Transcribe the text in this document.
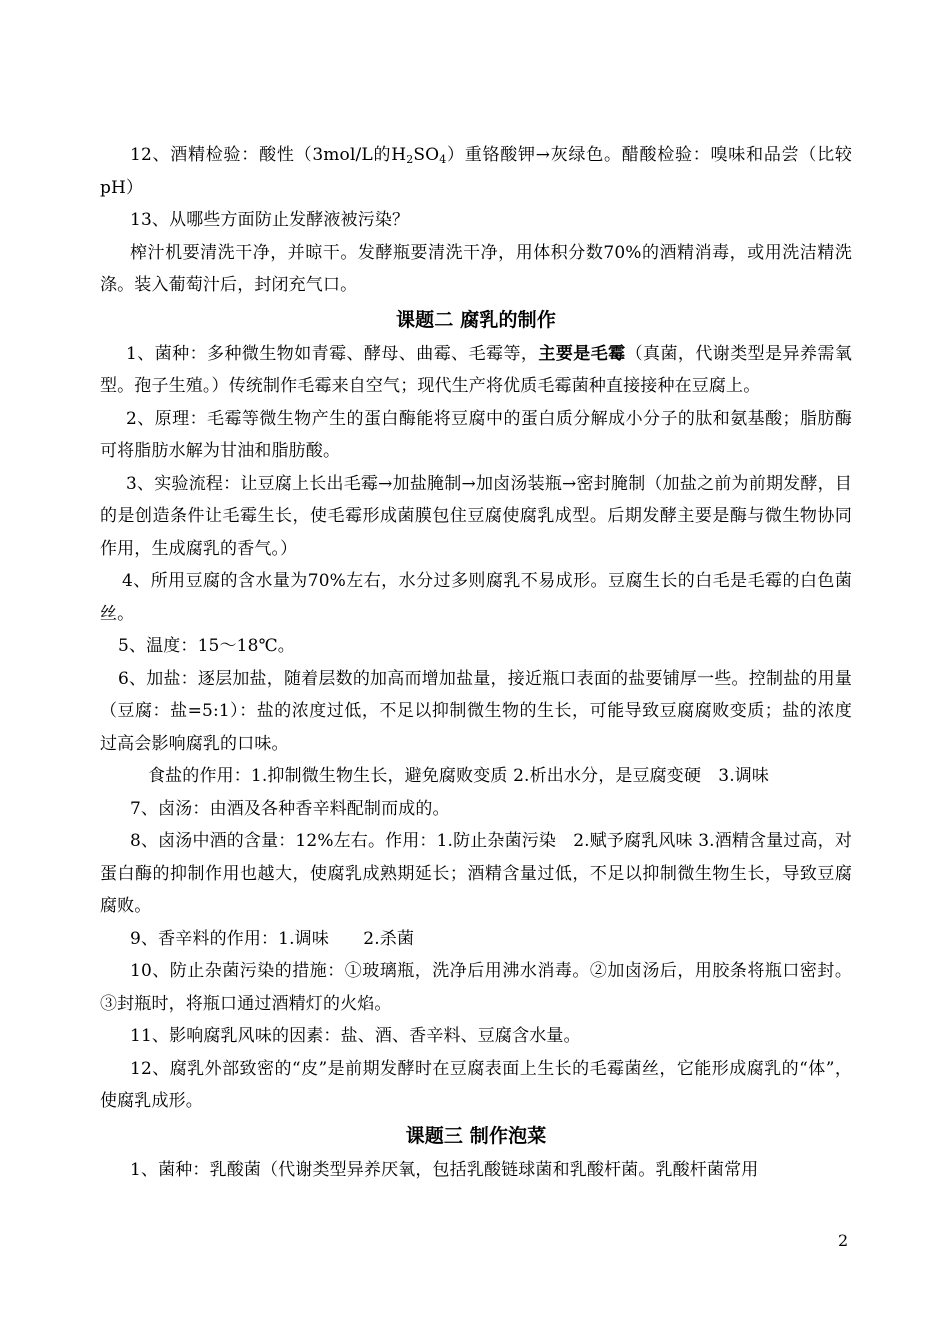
12、酒精检验：酸性（3mol/L的$H_2SO_4$）重铬酸钾→灰绿色。醋酸检验：嗅味和品尝（比较pH）

13、从哪些方面防止发酵液被污染？

榨汁机要清洗干净，并晾干。发酵瓶要清洗干净，用体积分数70%的酒精消毒，或用洗洁精洗涤。装入葡萄汁后，封闭充气口。

课题二 腐乳的制作

1、菌种：多种微生物如青霉、酵母、曲霉、毛霉等，主要是毛霉（真菌，代谢类型是异养需氧型。孢子生殖。）传统制作毛霉来自空气；现代生产将优质毛霉菌种直接接种在豆腐上。

2、原理：毛霉等微生物产生的蛋白酶能将豆腐中的蛋白质分解成小分子的肽和氨基酸；脂肪酶可将脂肪水解为甘油和脂肪酸。

3、实验流程：让豆腐上长出毛霉→加盐腌制→加卤汤装瓶→密封腌制（加盐之前为前期发酵，目的是创造条件让毛霉生长，使毛霉形成菌膜包住豆腐使腐乳成型。后期发酵主要是酶与微生物协同作用，生成腐乳的香气。）

4、所用豆腐的含水量为70%左右，水分过多则腐乳不易成形。豆腐生长的白毛是毛霉的白色菌丝。

5、温度：15～18℃。

6、加盐：逐层加盐，随着层数的加高而增加盐量，接近瓶口表面的盐要铺厚一些。控制盐的用量（豆腐：盐=5:1）：盐的浓度过低，不足以抑制微生物的生长，可能导致豆腐腐败变质；盐的浓度过高会影响腐乳的口味。

食盐的作用：1.抑制微生物生长，避免腐败变质 2.析出水分，是豆腐变硬　3.调味

7、卤汤：由酒及各种香辛料配制而成的。

8、卤汤中酒的含量：12%左右。作用：1.防止杂菌污染　2.赋予腐乳风味 3.酒精含量过高，对蛋白酶的抑制作用也越大，使腐乳成熟期延长；酒精含量过低，不足以抑制微生物生长，导致豆腐腐败。

9、香辛料的作用：1.调味　　2.杀菌

10、防止杂菌污染的措施：①玻璃瓶，洗净后用沸水消毒。②加卤汤后，用胶条将瓶口密封。③封瓶时，将瓶口通过酒精灯的火焰。

11、影响腐乳风味的因素：盐、酒、香辛料、豆腐含水量。

12、腐乳外部致密的“皮”是前期发酵时在豆腐表面上生长的毛霉菌丝，它能形成腐乳的“体”，使腐乳成形。

课题三 制作泡菜

1、菌种：乳酸菌（代谢类型异养厌氧，包括乳酸链球菌和乳酸杆菌。乳酸杆菌常用

2
